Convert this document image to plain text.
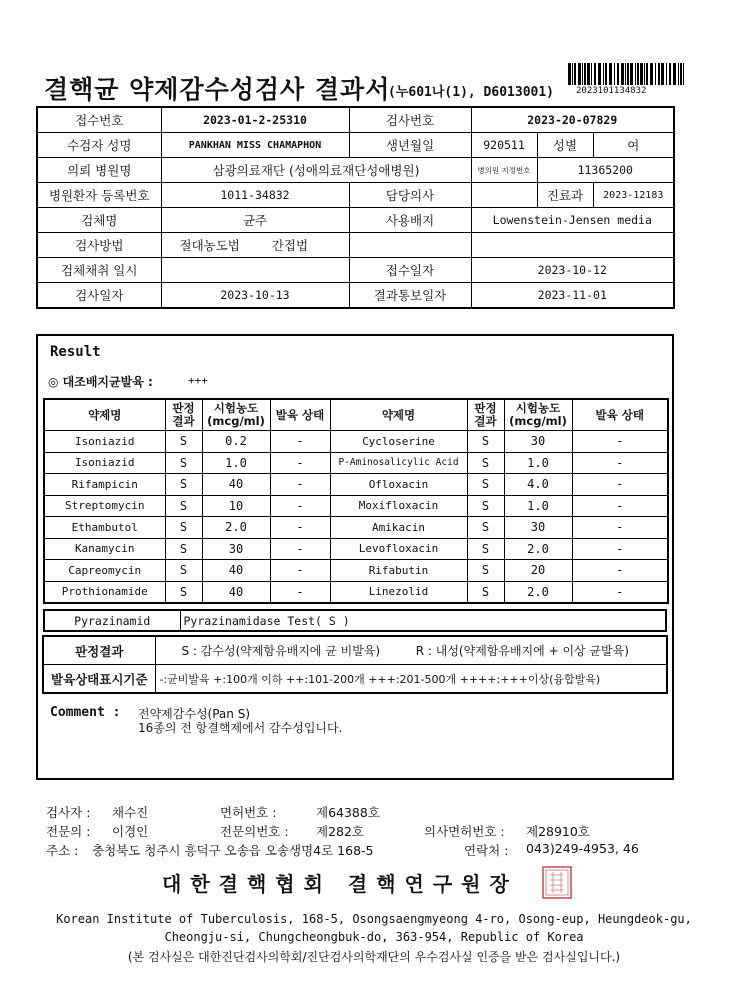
결핵균 약제감수성검사 결과서
(누601나(1), D6013001) 2023101134832
접수번호	2023-01-2-25310	검사번호	2023-20-07829		
수검자 성명	PANKHAN MISS CHAMAPHON	생년월일	920511	성별	여
의뢰 병원명	삼광의료재단 (성애의료재단성애병원)		병의원 지정번호	11365200	
병원환자 등록번호	1011-34832	담당의사		진료과	2023-12183
검체명	균주	사용배지	Lowenstein-Jensen media		
검사방법	절대농도법 간접법				
검체채취 일시		접수일자	2023-10-12		
검사일자	2023-10-13	결과통보일자	2023-11-01		
Result
◎ 대조배지균발육 :	+++
약제명	판정 결과	시험농도 (mcg/ml)	발육 상태	약제명	판정 결과	시험농도 (mcg/ml)	발육 상태
Isoniazid	S	0.2	-	Cycloserine	S	30	-
Isoniazid	S	1.0	-	P-Aminosalicylic Acid	S	1.0	-
Rifampicin	S	40	-	Ofloxacin	S	4.0	-
Streptomycin	S	10	-	Moxifloxacin	S	1.0	-
Ethambutol	S	2.0	-	Amikacin	S	30	-
Kanamycin	S	30	-	Levofloxacin	S	2.0	-
Capreomycin	S	40	-	Rifabutin	S	20	-
Prothionamide	S	40	-	Linezolid	S	2.0	-
Pyrazinamid	Pyrazinamidase Test( S )
판정결과	S : 감수성(약제함유배지에 균 비발육) R : 내성(약제함유배지에 + 이상 균발육)
발육상태표시기준	-:균비발육 +:100개 이하 ++:101-200개 +++:201-500개 ++++:+++이상(융합발육)
Comment : 전약제감수성(Pan S)
16종의 전 항결핵제에서 감수성입니다.
검사자 : 채수진	면허번호 :	제64388호
전문의 : 이경인	전문의번호 : 제282호	의사면허번호 : 제28910호
주소 : 충청북도 청주시 흥덕구 오송읍 오송생명4로 168-5	연락처 : 043)249-4953, 46
대한결핵협회 결핵연구원장
Korean Institute of Tuberculosis, 168-5, Osongsaengmyeong 4-ro, Osong-eup, Heungdeok-gu,
Cheongju-si, Chungcheongbuk-do, 363-954, Republic of Korea
(본 검사실은 대한진단검사의학회/진단검사의학재단의 우수검사실 인증을 받은 검사실입니다.)
